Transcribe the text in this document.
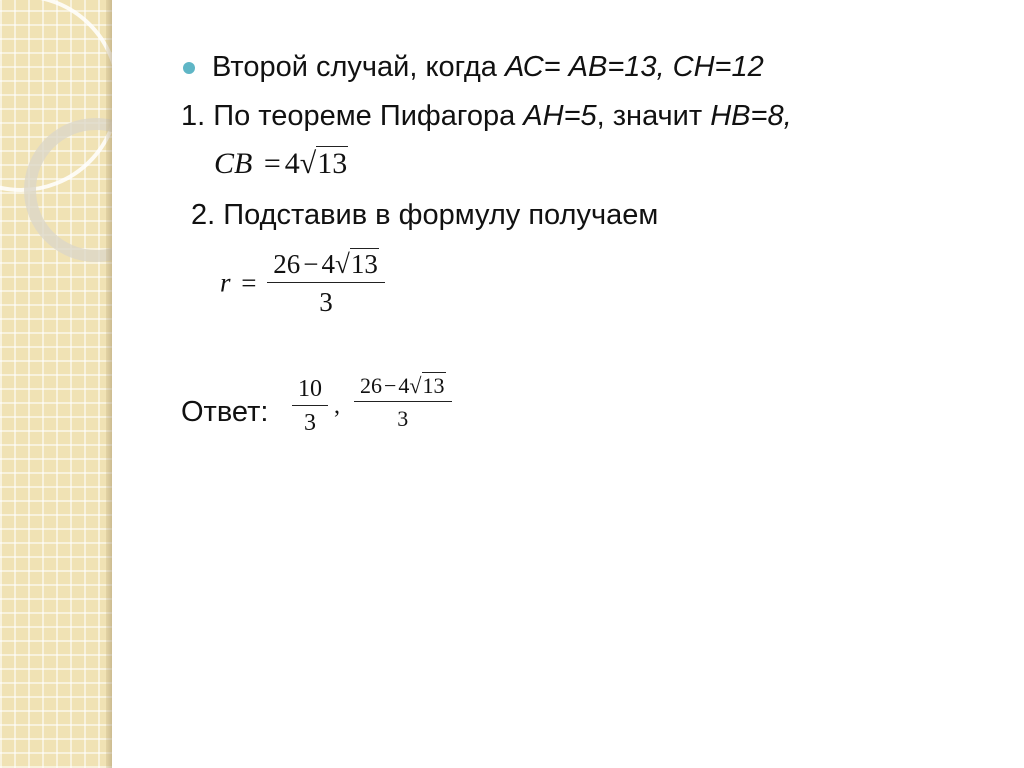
Второй случай, когда АС= АВ=13, СН=12
1. По теореме Пифагора АН=5, значит НВ=8,
CB = 4√13
2. Подставив в формулу получаем
$r = \frac{26 - 4√13}{3}$
Ответ: $\frac{10}{3}$ , $\frac{26-4√13}{3}$
